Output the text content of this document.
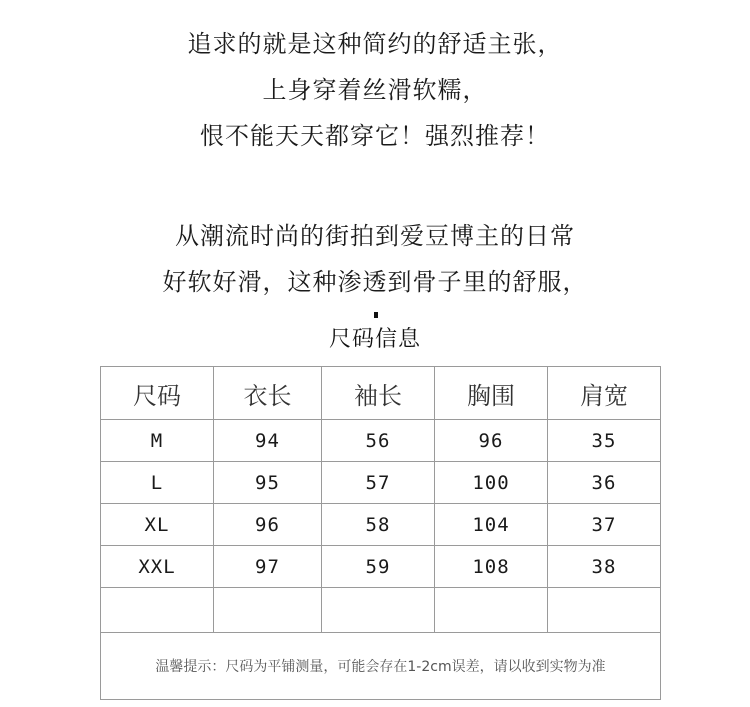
追求的就是这种简约的舒适主张，
上身穿着丝滑软糯，
恨不能天天都穿它！强烈推荐！
从潮流时尚的街拍到爱豆博主的日常
好软好滑，这种渗透到骨子里的舒服，
尺码信息
尺码	衣长	袖长	胸围	肩宽
M	94	56	96	35
L	95	57	100	36
XL	96	58	104	37
XXL	97	59	108	38

温馨提示：尺码为平铺测量，可能会存在1-2cm误差，请以收到实物为准				
